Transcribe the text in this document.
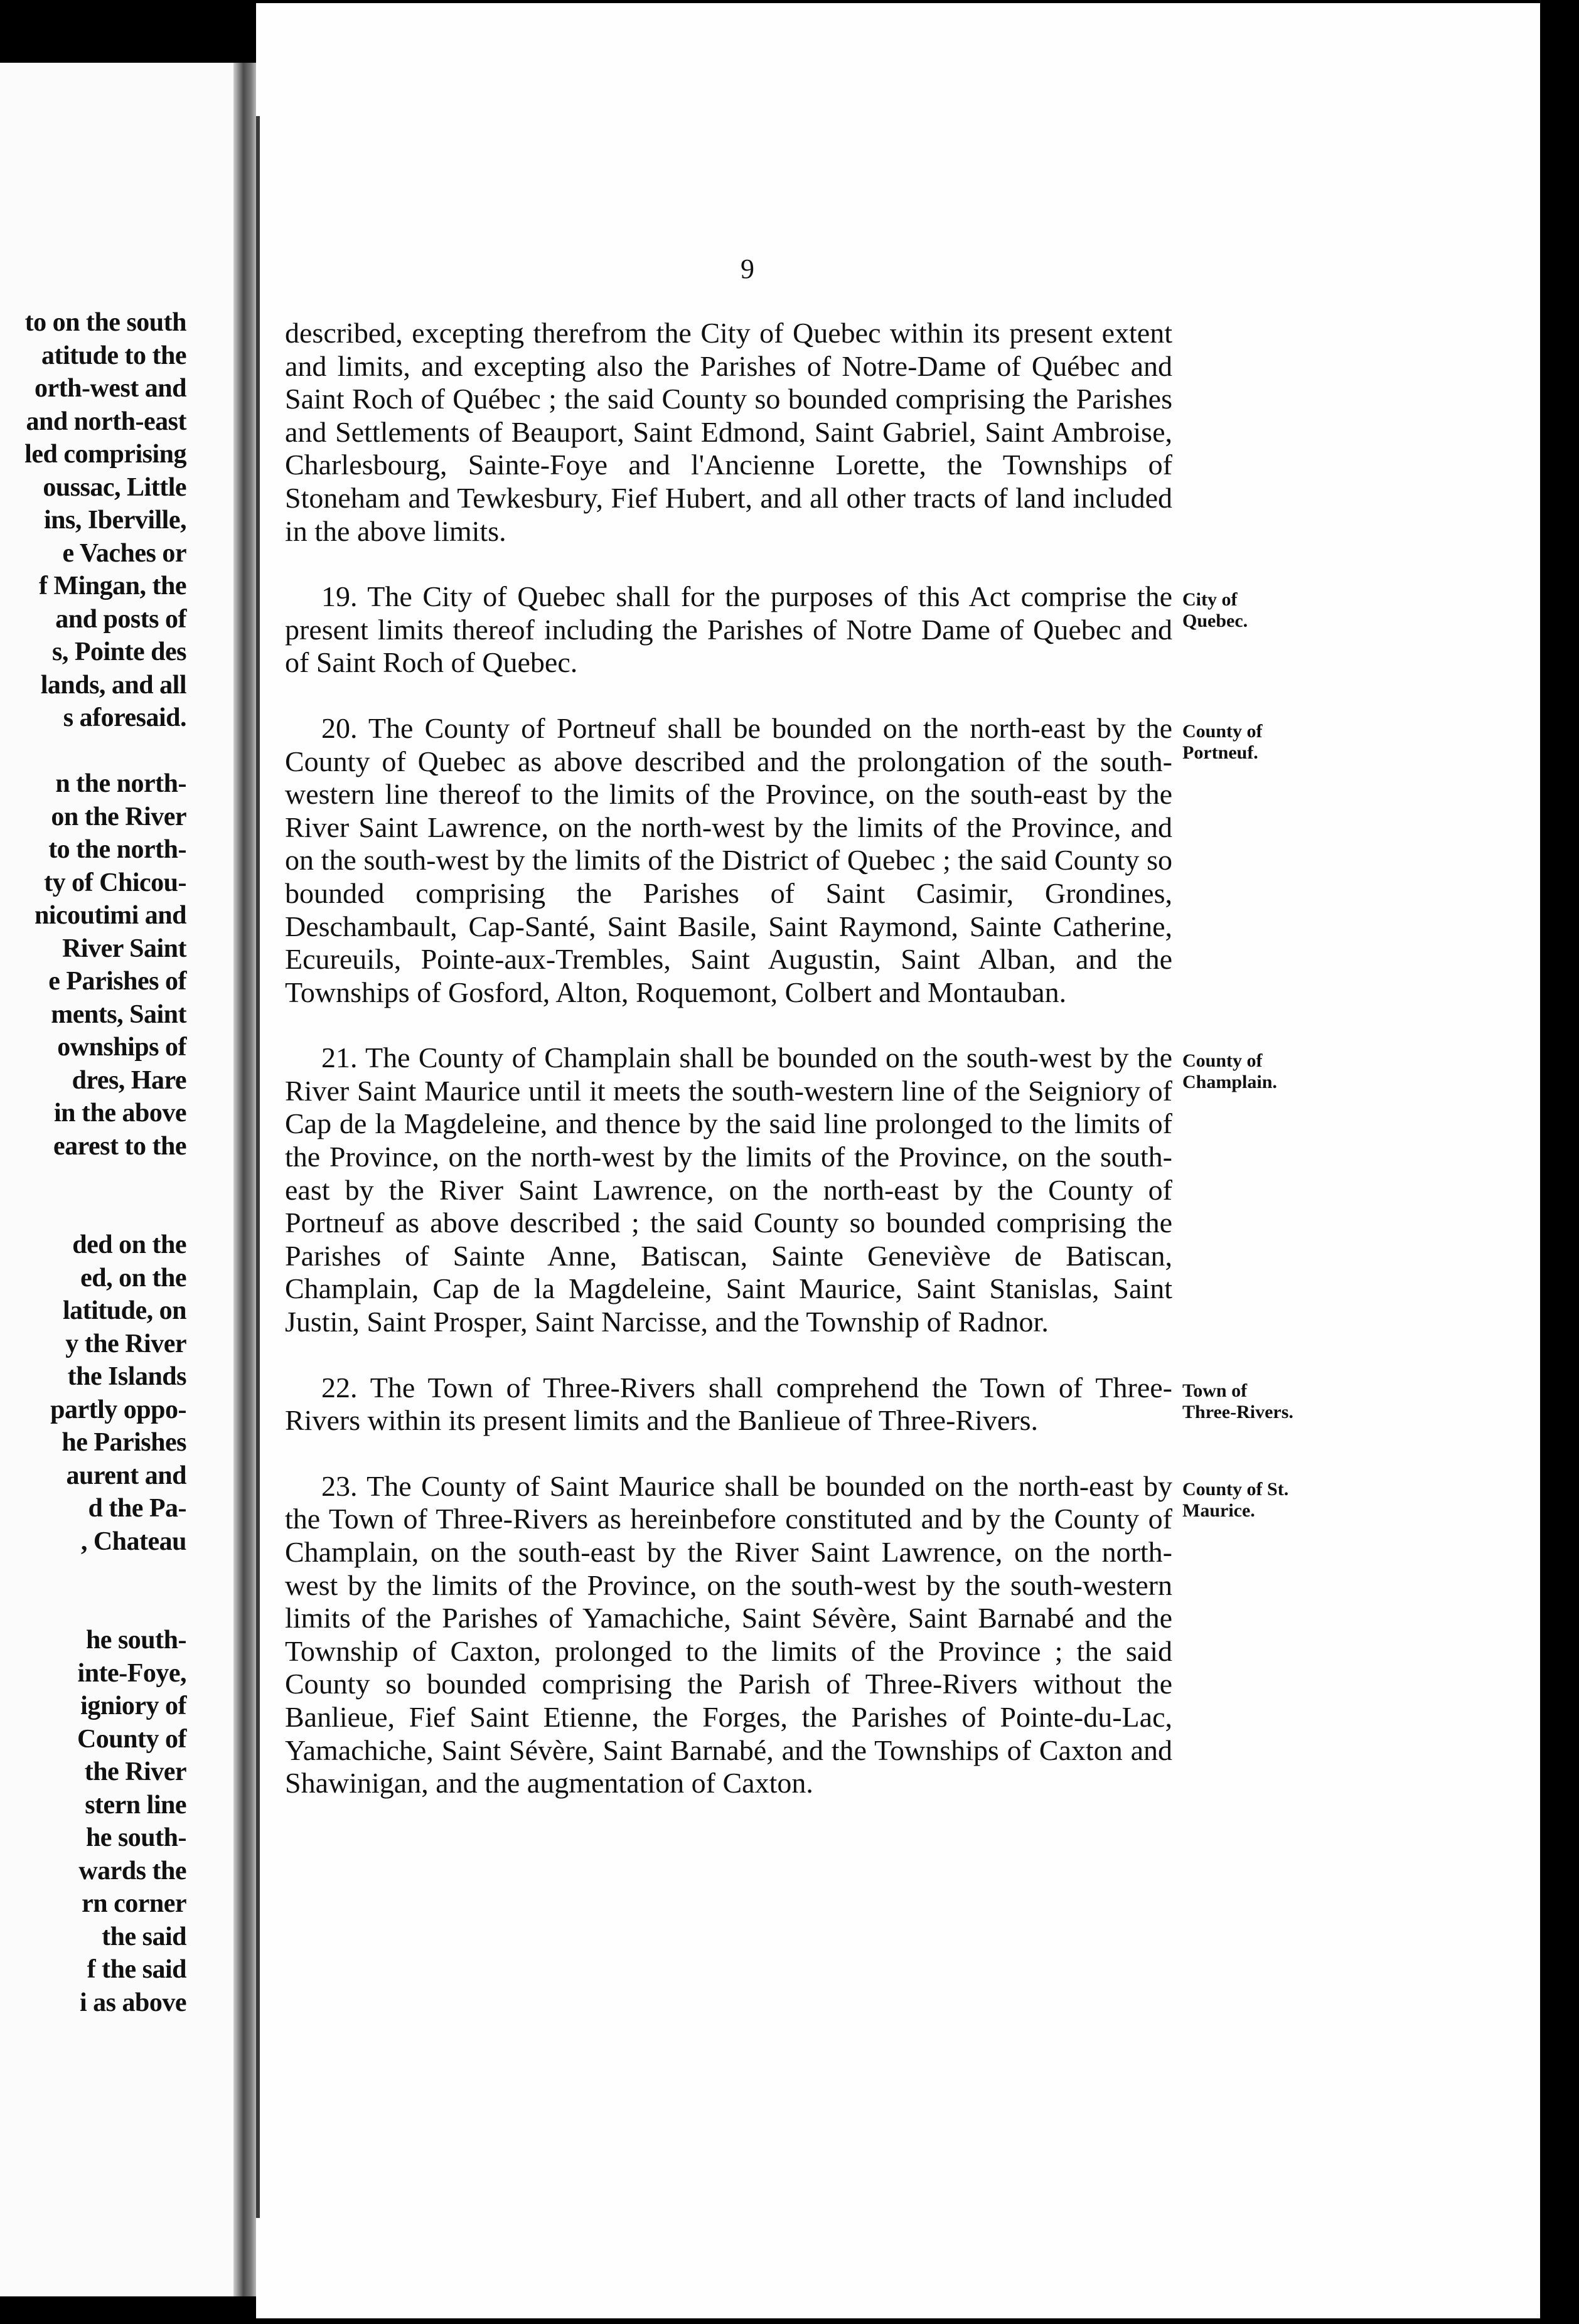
to on the south
atitude to the
orth-west and
and north-east
led comprising
oussac, Little
ins, Iberville,
e Vaches or
f Mingan, the
and posts of
s, Pointe des
lands, and all
s aforesaid.

n the north-
on the River
to the north-
ty of Chicou-
nicoutimi and
River Saint
e Parishes of
ments, Saint
ownships of
dres, Hare
in the above
earest to the

ded on the
ed, on the
latitude, on
y the River
the Islands
partly oppo-
he Parishes
aurent and
d the Pa-
, Chateau

he south-
inte-Foye,
igniory of
County of
the River
stern line
he south-
wards the
rn corner
the said
f the said
i as above
9

described, excepting therefrom the City of Quebec within its present extent and limits, and excepting also the Parishes of Notre-Dame of Québec and Saint Roch of Québec ; the said County so bounded comprising the Parishes and Settlements of Beauport, Saint Edmond, Saint Gabriel, Saint Ambroise, Charlesbourg, Sainte-Foye and l'Ancienne Lorette, the Townships of Stoneham and Tewkesbury, Fief Hubert, and all other tracts of land included in the above limits.

19. The City of Quebec shall for the purposes of this Act comprise the present limits thereof including the Parishes of Notre Dame of Quebec and of Saint Roch of Quebec.

City of
Quebec.

20. The County of Portneuf shall be bounded on the north-east by the County of Quebec as above described and the prolongation of the south-western line thereof to the limits of the Province, on the south-east by the River Saint Lawrence, on the north-west by the limits of the Province, and on the south-west by the limits of the District of Quebec ; the said County so bounded comprising the Parishes of Saint Casimir, Grondines, Deschambault, Cap-Santé, Saint Basile, Saint Raymond, Sainte Catherine, Ecureuils, Pointe-aux-Trembles, Saint Augustin, Saint Alban, and the Townships of Gosford, Alton, Roquemont, Colbert and Montauban.

County of
Portneuf.

21. The County of Champlain shall be bounded on the south-west by the River Saint Maurice until it meets the south-western line of the Seigniory of Cap de la Magdeleine, and thence by the said line prolonged to the limits of the Province, on the north-west by the limits of the Province, on the south-east by the River Saint Lawrence, on the north-east by the County of Portneuf as above described ; the said County so bounded comprising the Parishes of Sainte Anne, Batiscan, Sainte Geneviève de Batiscan, Champlain, Cap de la Magdeleine, Saint Maurice, Saint Stanislas, Saint Justin, Saint Prosper, Saint Narcisse, and the Township of Radnor.

County of
Champlain.

22. The Town of Three-Rivers shall comprehend the Town of Three-Rivers within its present limits and the Banlieue of Three-Rivers.

Town of
Three-Rivers.

23. The County of Saint Maurice shall be bounded on the north-east by the Town of Three-Rivers as hereinbefore constituted and by the County of Champlain, on the south-east by the River Saint Lawrence, on the north-west by the limits of the Province, on the south-west by the south-western limits of the Parishes of Yamachiche, Saint Sévère, Saint Barnabé and the Township of Caxton, prolonged to the limits of the Province ; the said County so bounded comprising the Parish of Three-Rivers without the Banlieue, Fief Saint Etienne, the Forges, the Parishes of Pointe-du-Lac, Yamachiche, Saint Sévère, Saint Barnabé, and the Townships of Caxton and Shawinigan, and the augmentation of Caxton.

County of St.
Maurice.
